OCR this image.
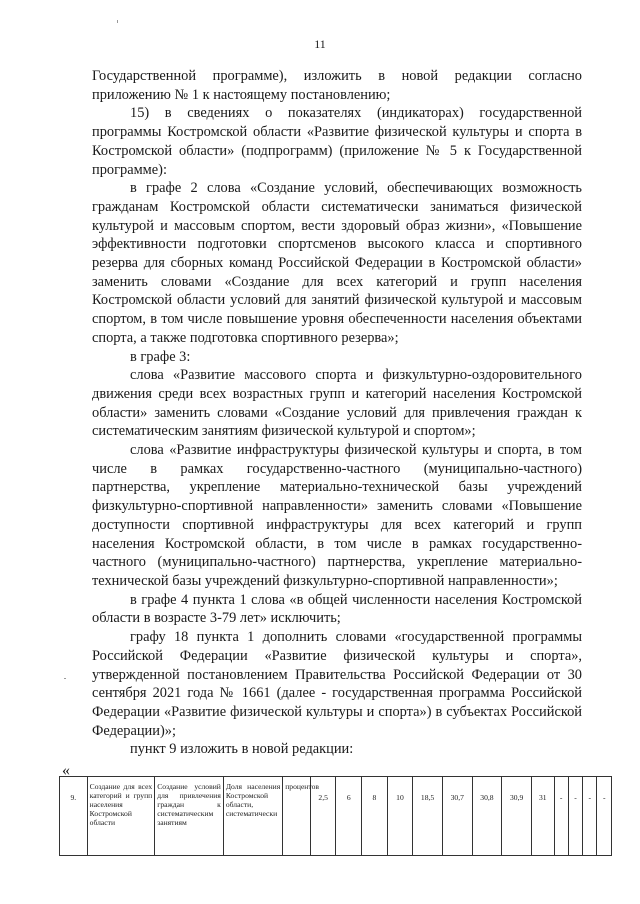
11

Государственной программе), изложить в новой редакции согласно приложению № 1 к настоящему постановлению;

15) в сведениях о показателях (индикаторах) государственной программы Костромской области «Развитие физической культуры и спорта в Костромской области» (подпрограмм) (приложение № 5 к Государственной программе):

в графе 2 слова «Создание условий, обеспечивающих возможность гражданам Костромской области систематически заниматься физической культурой и массовым спортом, вести здоровый образ жизни», «Повышение эффективности подготовки спортсменов высокого класса и спортивного резерва для сборных команд Российской Федерации в Костромской области» заменить словами «Создание для всех категорий и групп населения Костромской области условий для занятий физической культурой и массовым спортом, в том числе повышение уровня обеспеченности населения объектами спорта, а также подготовка спортивного резерва»;

в графе 3:

слова «Развитие массового спорта и физкультурно-оздоровительного движения среди всех возрастных групп и категорий населения Костромской области» заменить словами «Создание условий для привлечения граждан к систематическим занятиям физической культурой и спортом»;

слова «Развитие инфраструктуры физической культуры и спорта, в том числе в рамках государственно-частного (муниципально-частного) партнерства, укрепление материально-технической базы учреждений физкультурно-спортивной направленности» заменить словами «Повышение доступности спортивной инфраструктуры для всех категорий и групп населения Костромской области, в том числе в рамках государственно-частного (муниципально-частного) партнерства, укрепление материально-технической базы учреждений физкультурно-спортивной направленности»;

в графе 4 пункта 1 слова «в общей численности населения Костромской области в возрасте 3-79 лет» исключить;

графу 18 пункта 1 дополнить словами «государственной программы Российской Федерации «Развитие физической культуры и спорта», утвержденной постановлением Правительства Российской Федерации от 30 сентября 2021 года № 1661 (далее - государственная программа Российской Федерации «Развитие физической культуры и спорта») в субъектах Российской Федерации)»;

пункт 9 изложить в новой редакции:

«
9.	Создание для всех категорий и групп населения Костромской области	Создание условий для привлечения граждан к систематическим занятиям	Доля населения Костромской области, систематически	процентов	2,5	6	8	10	18,5	30,7	30,8	30,9	31	-	-	-	-
